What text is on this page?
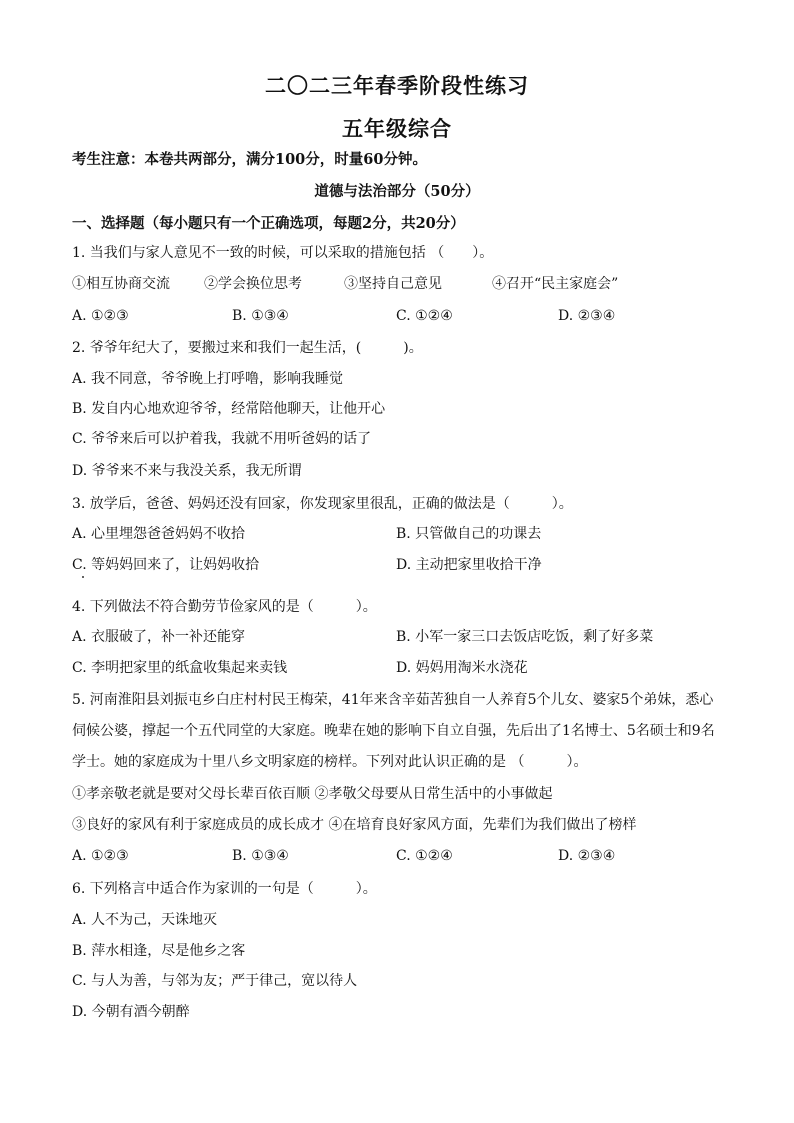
二〇二三年春季阶段性练习
五年级综合
考生注意：本卷共两部分，满分100分，时量60分钟。
道德与法治部分（50分）
一、选择题（每小题只有一个正确选项，每题2分，共20分）
1. 当我们与家人意见不一致的时候，可以采取的措施包括 （　　）。
①相互协商交流 ②学会换位思考	③坚持自己意见	④召开“民主家庭会”
A. ①②③	B. ①③④	C. ①②④	D. ②③④
2. 爷爷年纪大了，要搬过来和我们一起生活，(　　　)。
A. 我不同意，爷爷晚上打呼噜，影响我睡觉
B. 发自内心地欢迎爷爷，经常陪他聊天，让他开心
C. 爷爷来后可以护着我，我就不用听爸妈的话了
D. 爷爷来不来与我没关系，我无所谓
3. 放学后，爸爸、妈妈还没有回家，你发现家里很乱，正确的做法是（　　　）。
A. 心里埋怨爸爸妈妈不收拾	B. 只管做自己的功课去
C. 等妈妈回来了，让妈妈收拾	D. 主动把家里收拾干净
4. 下列做法不符合勤劳节俭家风的是（　　　）。
A. 衣服破了，补一补还能穿	B. 小军一家三口去饭店吃饭，剩了好多菜
C. 李明把家里的纸盒收集起来卖钱	D. 妈妈用淘米水浇花
5. 河南淮阳县刘振屯乡白庄村村民王梅荣，41年来含辛茹苦独自一人养育5个儿女、婆家5个弟妹，悉心
伺候公婆，撑起一个五代同堂的大家庭。晚辈在她的影响下自立自强，先后出了1名博士、5名硕士和9名
学士。她的家庭成为十里八乡文明家庭的榜样。下列对此认识正确的是 （　　　）。
①孝亲敬老就是要对父母长辈百依百顺 ②孝敬父母要从日常生活中的小事做起
③良好的家风有利于家庭成员的成长成才 ④在培育良好家风方面，先辈们为我们做出了榜样
A. ①②③	B. ①③④	C. ①②④	D. ②③④
6. 下列格言中适合作为家训的一句是（　　　）。
A. 人不为己，天诛地灭
B. 萍水相逢，尽是他乡之客
C. 与人为善，与邻为友；严于律己，宽以待人
D. 今朝有酒今朝醉
